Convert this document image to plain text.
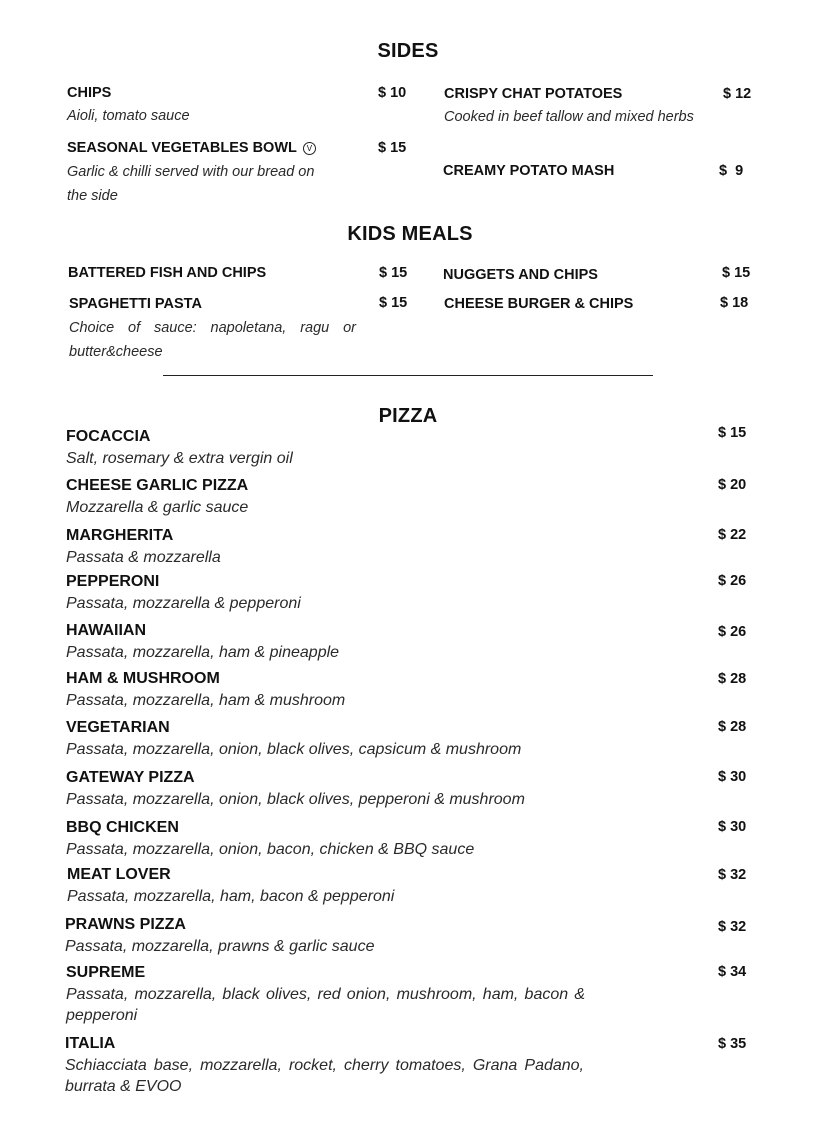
SIDES
CHIPS	$ 10
Aioli, tomato sauce
SEASONAL VEGETABLES BOWL V	$ 15
Garlic & chilli served with our bread on the side
CRISPY CHAT POTATOES	$ 12
Cooked in beef tallow and mixed herbs
CREAMY POTATO MASH	$  9
KIDS MEALS
BATTERED FISH AND CHIPS	$ 15
SPAGHETTI PASTA	$ 15
Choice of sauce: napoletana, ragu or butter&cheese
NUGGETS AND CHIPS	$ 15
CHEESE BURGER & CHIPS	$ 18
PIZZA
FOCACCIA	$ 15
Salt, rosemary & extra vergin oil
CHEESE GARLIC PIZZA	$ 20
Mozzarella & garlic sauce
MARGHERITA	$ 22
Passata & mozzarella
PEPPERONI	$ 26
Passata, mozzarella & pepperoni
HAWAIIAN	$ 26
Passata, mozzarella, ham & pineapple
HAM & MUSHROOM	$ 28
Passata, mozzarella, ham & mushroom
VEGETARIAN	$ 28
Passata, mozzarella, onion, black olives, capsicum & mushroom
GATEWAY PIZZA	$ 30
Passata, mozzarella, onion, black olives, pepperoni & mushroom
BBQ CHICKEN	$ 30
Passata, mozzarella, onion, bacon, chicken & BBQ sauce
MEAT LOVER	$ 32
Passata, mozzarella, ham, bacon & pepperoni
PRAWNS PIZZA	$ 32
Passata, mozzarella, prawns & garlic sauce
SUPREME	$ 34
Passata, mozzarella, black olives, red onion, mushroom, ham, bacon & pepperoni
ITALIA	$ 35
Schiacciata base, mozzarella, rocket, cherry tomatoes, Grana Padano, burrata & EVOO
